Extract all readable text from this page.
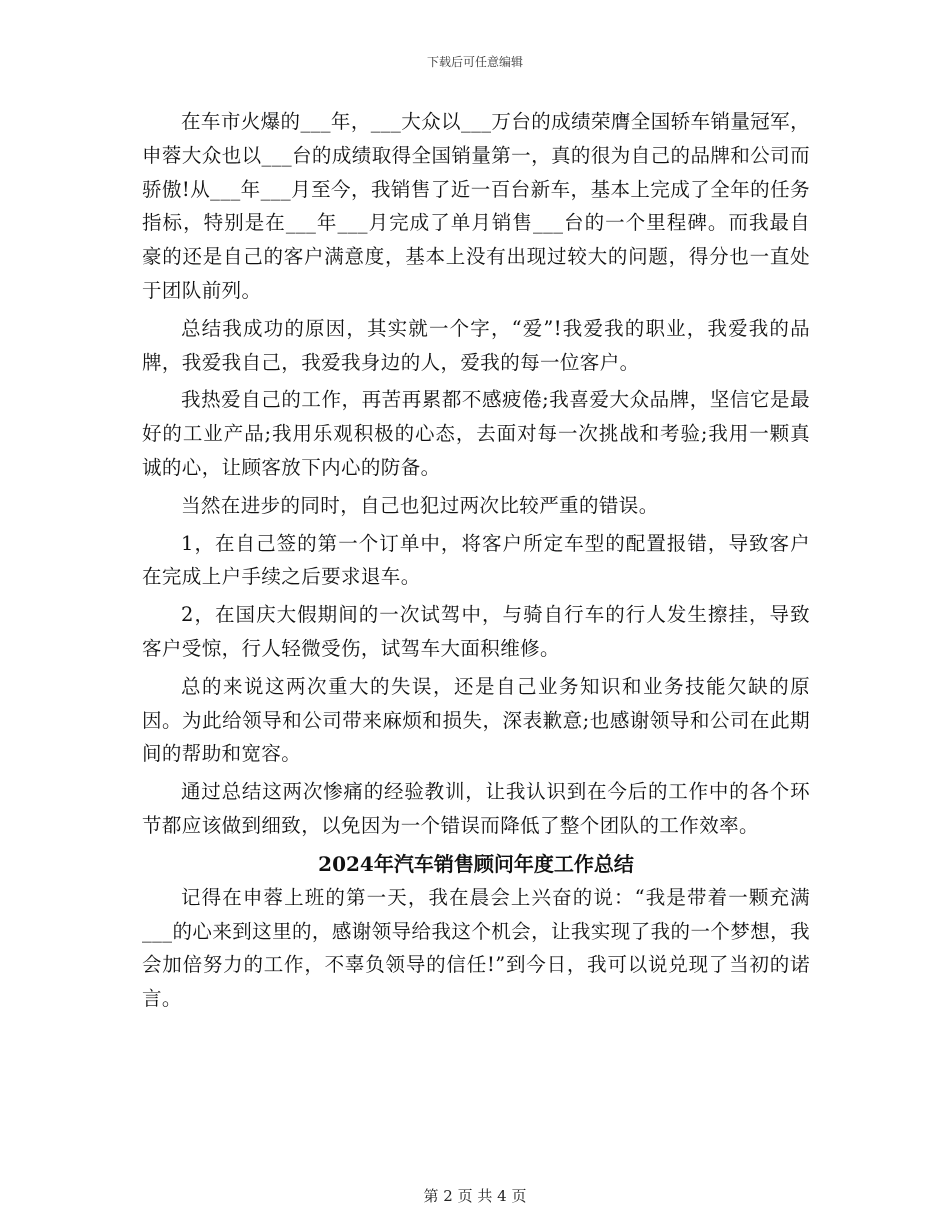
下载后可任意编辑

在车市火爆的___年，___大众以___万台的成绩荣膺全国轿车销量冠军，申蓉大众也以___台的成绩取得全国销量第一，真的很为自己的品牌和公司而骄傲!从___年___月至今，我销售了近一百台新车，基本上完成了全年的任务指标，特别是在___年___月完成了单月销售___台的一个里程碑。而我最自豪的还是自己的客户满意度，基本上没有出现过较大的问题，得分也一直处于团队前列。

总结我成功的原因，其实就一个字，“爱”!我爱我的职业，我爱我的品牌，我爱我自己，我爱我身边的人，爱我的每一位客户。

我热爱自己的工作，再苦再累都不感疲倦;我喜爱大众品牌，坚信它是最好的工业产品;我用乐观积极的心态，去面对每一次挑战和考验;我用一颗真诚的心，让顾客放下内心的防备。

当然在进步的同时，自己也犯过两次比较严重的错误。

1，在自己签的第一个订单中，将客户所定车型的配置报错，导致客户在完成上户手续之后要求退车。

2，在国庆大假期间的一次试驾中，与骑自行车的行人发生擦挂，导致客户受惊，行人轻微受伤，试驾车大面积维修。

总的来说这两次重大的失误，还是自己业务知识和业务技能欠缺的原因。为此给领导和公司带来麻烦和损失，深表歉意;也感谢领导和公司在此期间的帮助和宽容。

通过总结这两次惨痛的经验教训，让我认识到在今后的工作中的各个环节都应该做到细致，以免因为一个错误而降低了整个团队的工作效率。

2024年汽车销售顾问年度工作总结

记得在申蓉上班的第一天，我在晨会上兴奋的说：“我是带着一颗充满___的心来到这里的，感谢领导给我这个机会，让我实现了我的一个梦想，我会加倍努力的工作，不辜负领导的信任!”到今日，我可以说兑现了当初的诺言。

第 2 页 共 4 页
